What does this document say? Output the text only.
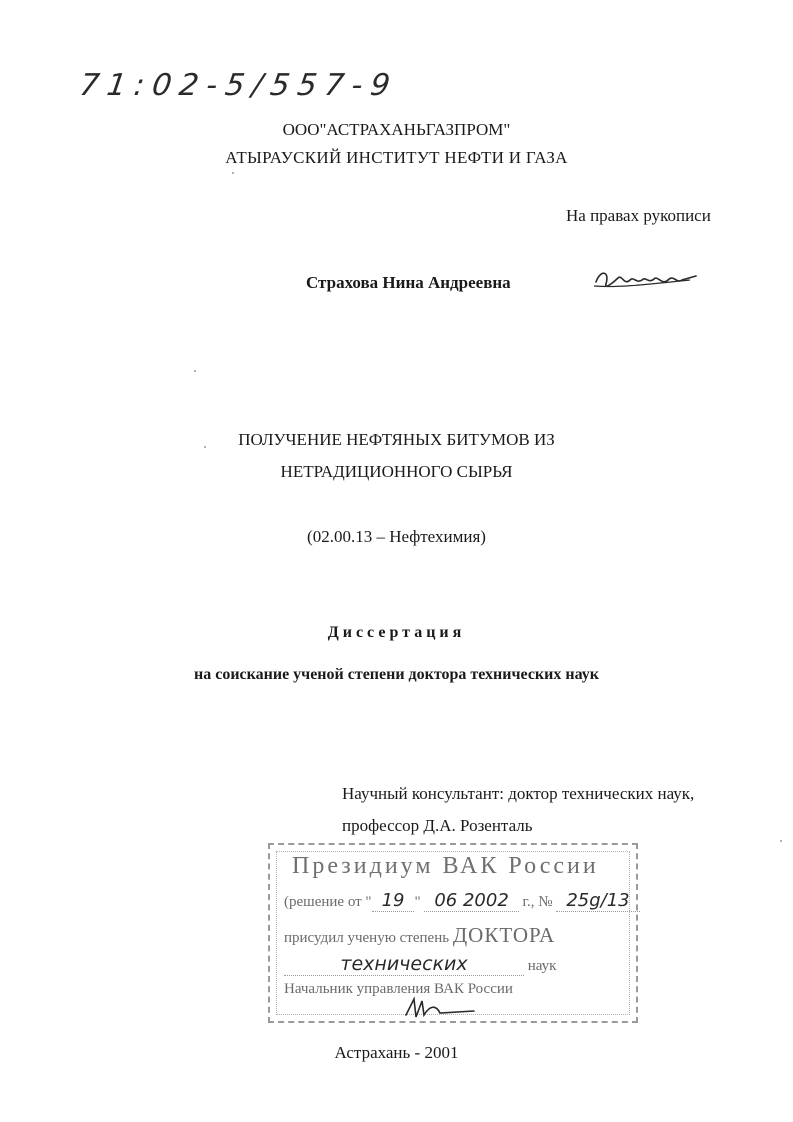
71:02-5/557-9
ООО"АСТРАХАНЬГАЗПРОМ"
АТЫРАУСКИЙ ИНСТИТУТ НЕФТИ И ГАЗА
На правах рукописи
Страхова Нина Андреевна
ПОЛУЧЕНИЕ НЕФТЯНЫХ БИТУМОВ ИЗ
НЕТРАДИЦИОННОГО СЫРЬЯ
(02.00.13 – Нефтехимия)
Диссертация
на соискание ученой степени доктора технических наук
Научный консультант: доктор технических наук,
профессор Д.А. Розенталь
Президиум ВАК России
(решение от " 19 " 06 2002 г., № 25g/13
присудил ученую степень ДОКТОРА
технических	наук
Начальник управления ВАК России
Астрахань - 2001
